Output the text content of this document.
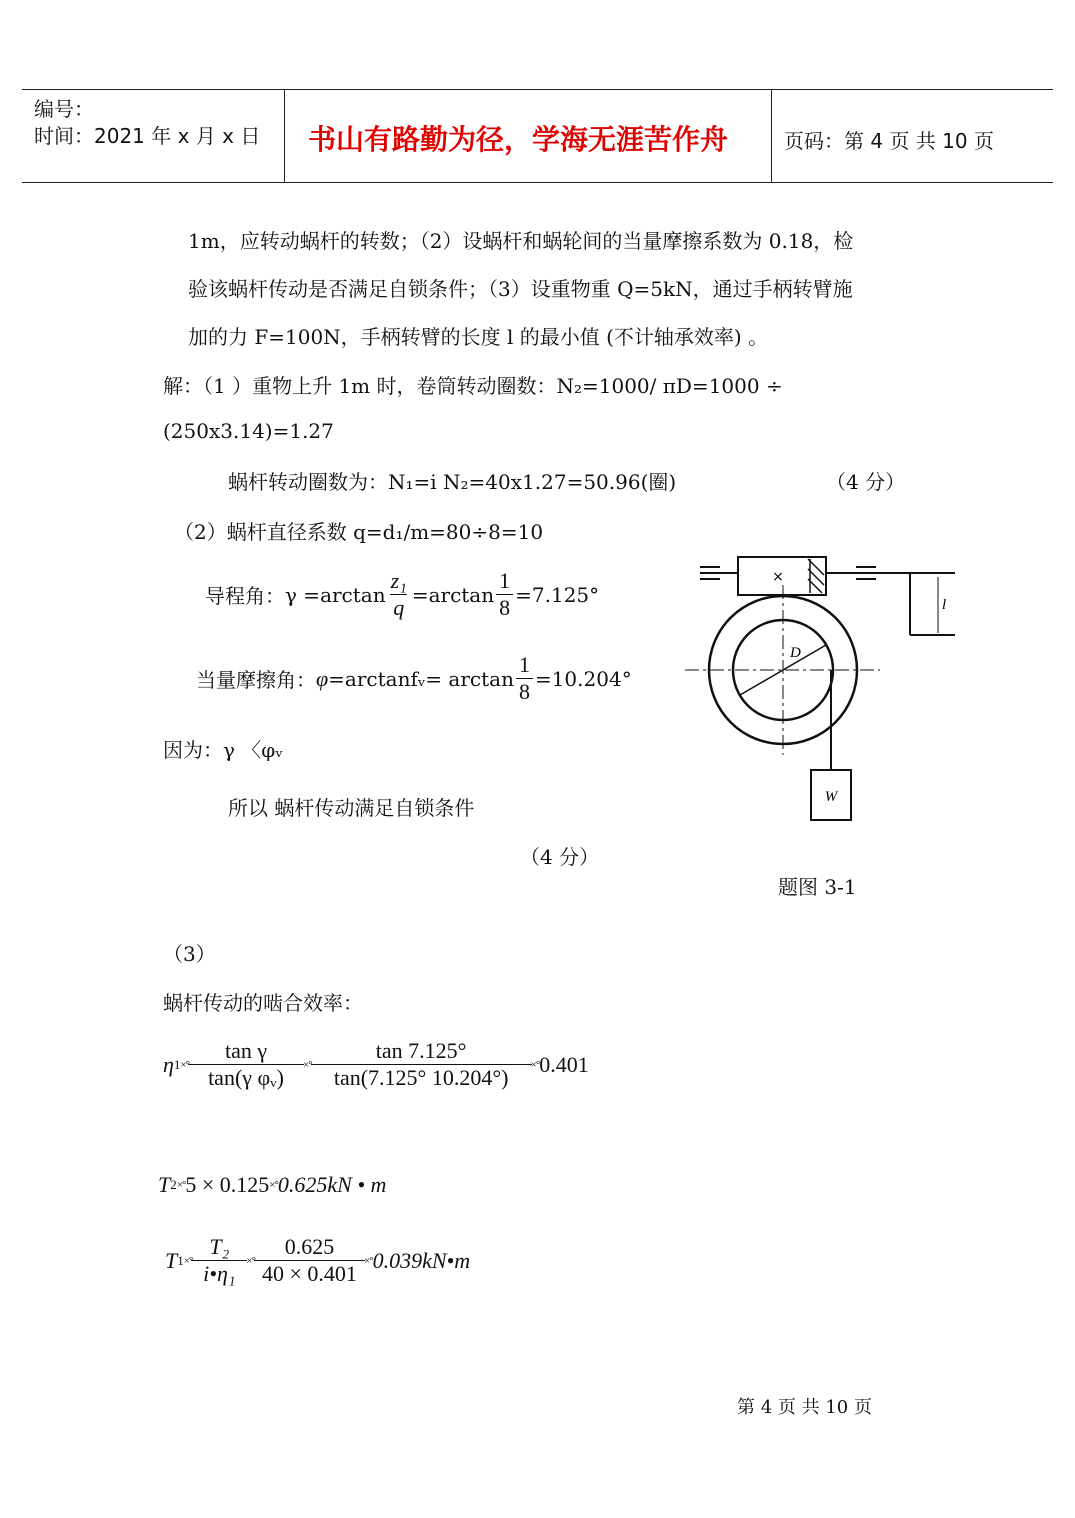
编号：
时间：2021 年 x 月 x 日 书山有路勤为径，学海无涯苦作舟	页码：第 4 页 共 10 页
1m，应转动蜗杆的转数；（2）设蜗杆和蜗轮间的当量摩擦系数为 0.18，检
验该蜗杆传动是否满足自锁条件；（3）设重物重 Q=5kN，通过手柄转臂施
加的力 F=100N，手柄转臂的长度 l 的最小值 (不计轴承效率) 。
解：（1 ）重物上升 1m 时，卷筒转动圈数：N₂=1000/ πD=1000 ÷
(250x3.14)=1.27
蜗杆转动圈数为：N₁=i N₂=40x1.27=50.96(圈)	（4 分）
（2）蜗杆直径系数 q=d₁/m=80÷8=10
导程角： $\gamma =\arctan \frac{\text{z₁}}{q} =\arctan \frac{1}{8} =7.125^\circ$
当量摩擦角： φ =arctanfᵥ= $\arctan \frac{1}{8} =10.204^\circ$
因为：γ 〈φᵥ
所以 蜗杆传动满足自锁条件
（4 分）
题图 3-1
（3）
蜗杆传动的啮合效率：
η 1 ×° $\frac{\text{tan γ}}{\text{tan(γ φᵥ)}}$ ×° $\frac{\tan 7.125^\circ}{\tan(7.125^\circ 10.204^\circ)}$ ×° 0.401
T 2 ×° 5 × 0.125 ×° 0.625kN • m
T 1 ×° $\frac{\text{T₂}}{\text{i•η₁}}$ ×° $\frac{0.625}{40 \times 0.401}$ ×° 0.039kN•m
×
l
D
W
第 4 页 共 10 页
